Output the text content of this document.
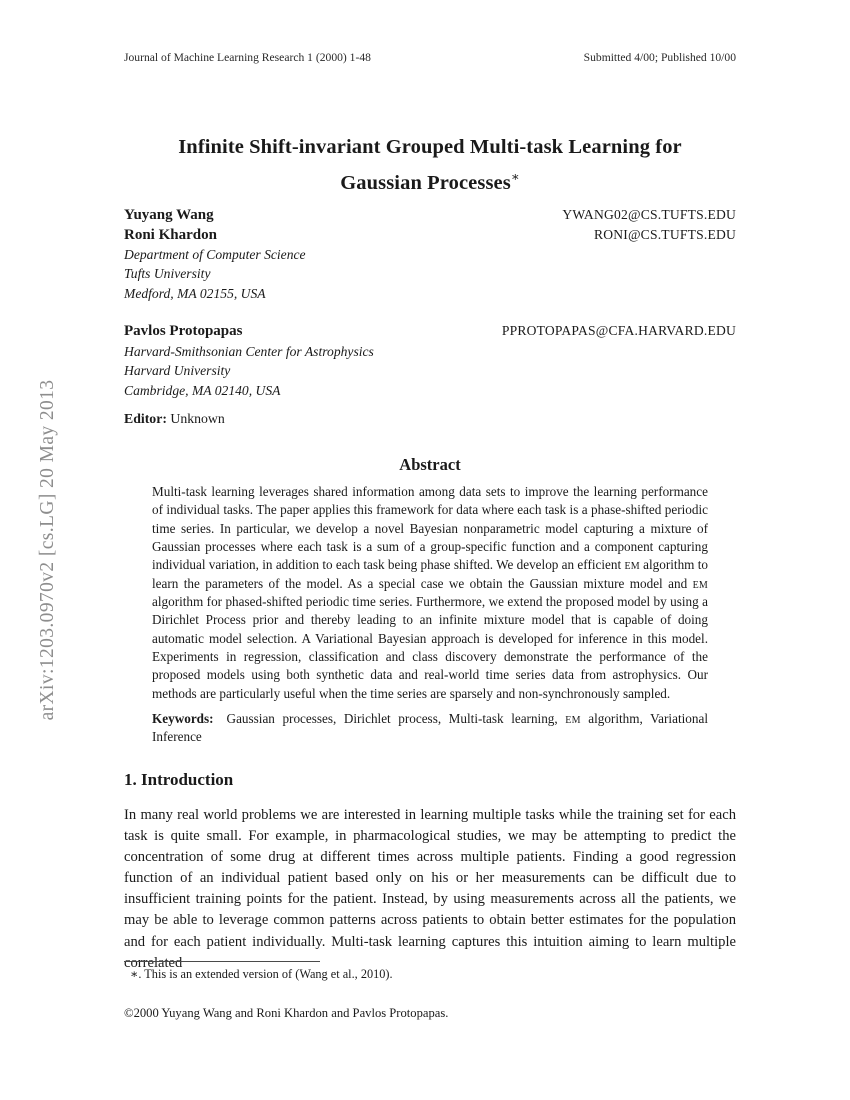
arXiv:1203.0970v2 [cs.LG] 20 May 2013
Journal of Machine Learning Research 1 (2000) 1-48	Submitted 4/00; Published 10/00
Infinite Shift-invariant Grouped Multi-task Learning for
Gaussian Processes∗
Yuyang Wang	YWANG02@CS.TUFTS.EDU
Roni Khardon	RONI@CS.TUFTS.EDU
Department of Computer Science
Tufts University
Medford, MA 02155, USA
Pavlos Protopapas	PPROTOPAPAS@CFA.HARVARD.EDU
Harvard-Smithsonian Center for Astrophysics
Harvard University
Cambridge, MA 02140, USA
Editor: Unknown
Abstract

Multi-task learning leverages shared information among data sets to improve the learning performance of individual tasks. The paper applies this framework for data where each task is a phase-shifted periodic time series. In particular, we develop a novel Bayesian nonparametric model capturing a mixture of Gaussian processes where each task is a sum of a group-specific function and a component capturing individual variation, in addition to each task being phase shifted. We develop an efficient em algorithm to learn the parameters of the model. As a special case we obtain the Gaussian mixture model and em algorithm for phased-shifted periodic time series. Furthermore, we extend the proposed model by using a Dirichlet Process prior and thereby leading to an infinite mixture model that is capable of doing automatic model selection. A Variational Bayesian approach is developed for inference in this model. Experiments in regression, classification and class discovery demonstrate the performance of the proposed models using both synthetic data and real-world time series data from astrophysics. Our methods are particularly useful when the time series are sparsely and non-synchronously sampled.

Keywords: Gaussian processes, Dirichlet process, Multi-task learning, em algorithm, Variational Inference

1. Introduction

In many real world problems we are interested in learning multiple tasks while the training set for each task is quite small. For example, in pharmacological studies, we may be attempting to predict the concentration of some drug at different times across multiple patients. Finding a good regression function of an individual patient based only on his or her measurements can be difficult due to insufficient training points for the patient. Instead, by using measurements across all the patients, we may be able to leverage common patterns across patients to obtain better estimates for the population and for each patient individually. Multi-task learning captures this intuition aiming to learn multiple correlated

∗. This is an extended version of (Wang et al., 2010).
©2000 Yuyang Wang and Roni Khardon and Pavlos Protopapas.
